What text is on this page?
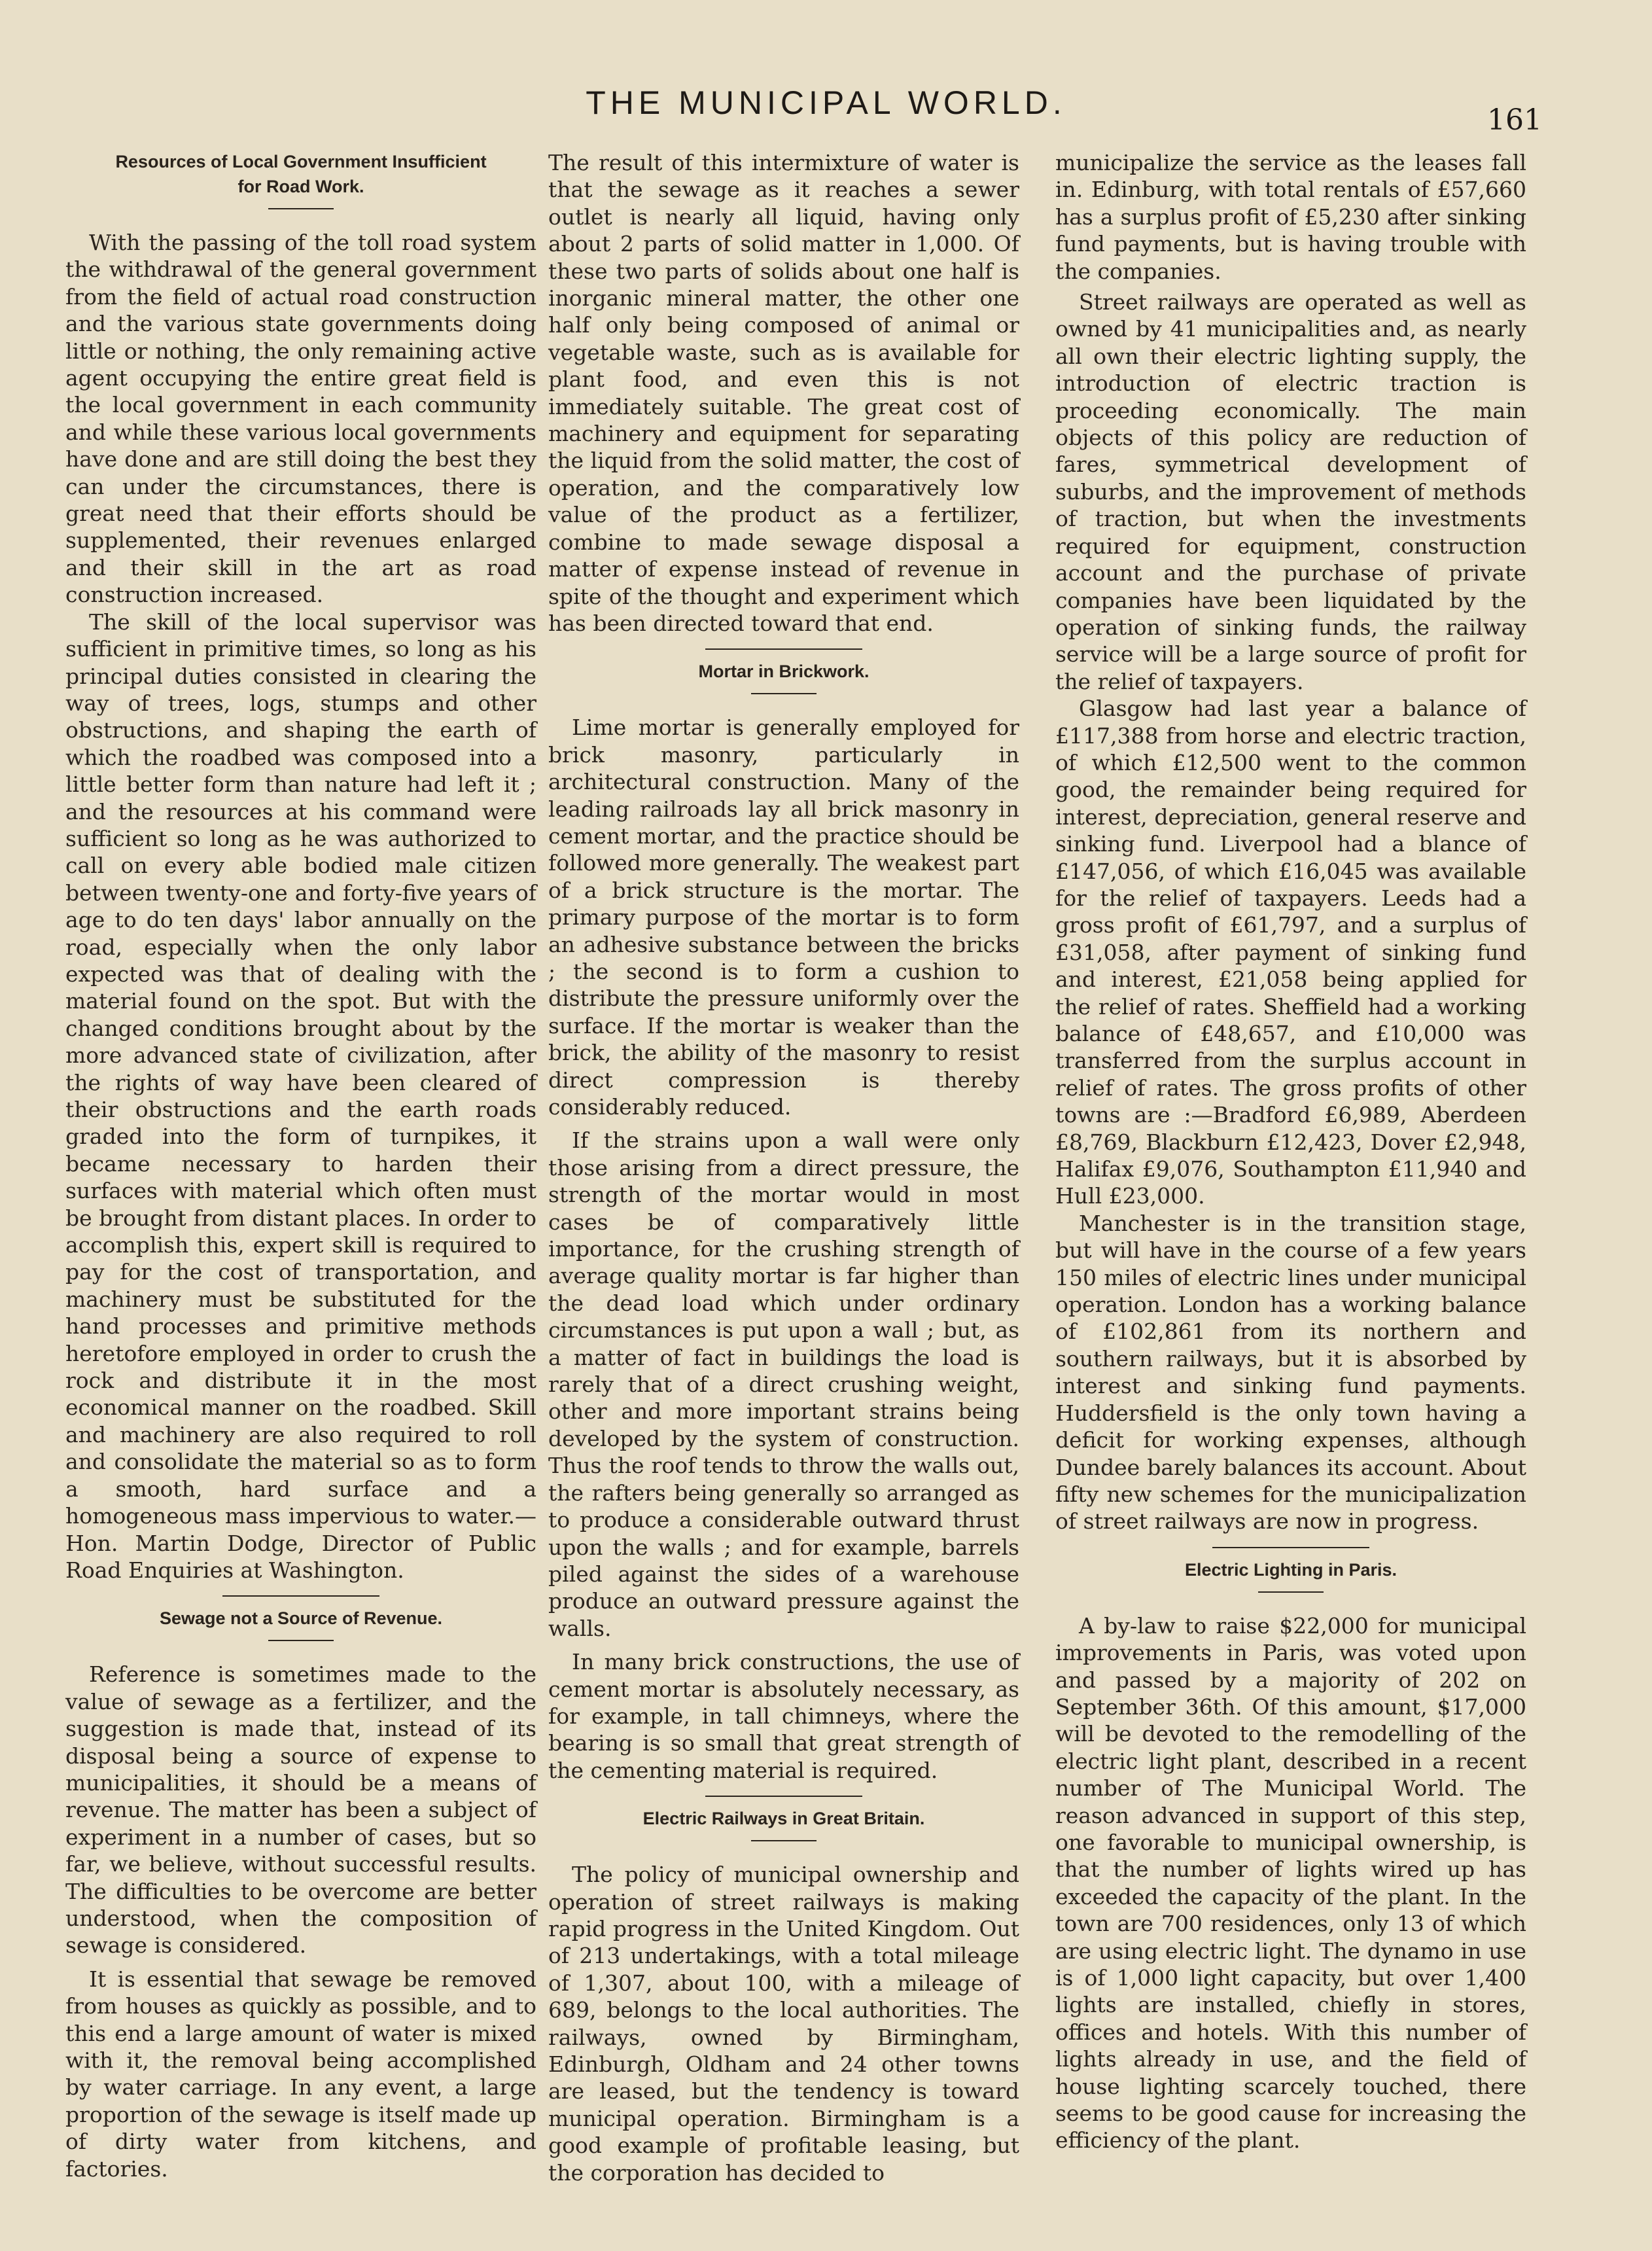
THE MUNICIPAL WORLD.	161
Resources of Local Government Insufficient
for Road Work.

With the passing of the toll road system the withdrawal of the general government from the field of actual road construction and the various state governments doing little or nothing, the only remaining active agent occupying the entire great field is the local government in each community and while these various local governments have done and are still doing the best they can under the circumstances, there is great need that their efforts should be supplemented, their revenues enlarged and their skill in the art as road construction increased.

The skill of the local supervisor was sufficient in primitive times, so long as his principal duties consisted in clearing the way of trees, logs, stumps and other obstructions, and shaping the earth of which the roadbed was composed into a little better form than nature had left it ; and the resources at his command were sufficient so long as he was authorized to call on every able bodied male citizen between twenty-one and forty-five years of age to do ten days' labor annually on the road, especially when the only labor expected was that of dealing with the material found on the spot. But with the changed conditions brought about by the more advanced state of civilization, after the rights of way have been cleared of their obstructions and the earth roads graded into the form of turnpikes, it became necessary to harden their surfaces with material which often must be brought from distant places. In order to accomplish this, expert skill is required to pay for the cost of transportation, and machinery must be substituted for the hand processes and primitive methods heretofore employed in order to crush the rock and distribute it in the most economical manner on the roadbed. Skill and machinery are also required to roll and consolidate the material so as to form a smooth, hard surface and a homogeneous mass impervious to water.—Hon. Martin Dodge, Director of Public Road Enquiries at Washington.

Sewage not a Source of Revenue.

Reference is sometimes made to the value of sewage as a fertilizer, and the suggestion is made that, instead of its disposal being a source of expense to municipalities, it should be a means of revenue. The matter has been a subject of experiment in a number of cases, but so far, we believe, without successful results. The difficulties to be overcome are better understood, when the composition of sewage is considered.

It is essential that sewage be removed from houses as quickly as possible, and to this end a large amount of water is mixed with it, the removal being accomplished by water carriage. In any event, a large proportion of the sewage is itself made up of dirty water from kitchens, and factories.

The result of this intermixture of water is that the sewage as it reaches a sewer outlet is nearly all liquid, having only about 2 parts of solid matter in 1,000. Of these two parts of solids about one half is inorganic mineral matter, the other one half only being composed of animal or vegetable waste, such as is available for plant food, and even this is not immediately suitable. The great cost of machinery and equipment for separating the liquid from the solid matter, the cost of operation, and the comparatively low value of the product as a fertilizer, combine to made sewage disposal a matter of expense instead of revenue in spite of the thought and experiment which has been directed toward that end.

Mortar in Brickwork.

Lime mortar is generally employed for brick masonry, particularly in architectural construction. Many of the leading railroads lay all brick masonry in cement mortar, and the practice should be followed more generally. The weakest part of a brick structure is the mortar. The primary purpose of the mortar is to form an adhesive substance between the bricks ; the second is to form a cushion to distribute the pressure uniformly over the surface. If the mortar is weaker than the brick, the ability of the masonry to resist direct compression is thereby considerably reduced.

If the strains upon a wall were only those arising from a direct pressure, the strength of the mortar would in most cases be of comparatively little importance, for the crushing strength of average quality mortar is far higher than the dead load which under ordinary circumstances is put upon a wall ; but, as a matter of fact in buildings the load is rarely that of a direct crushing weight, other and more important strains being developed by the system of construction. Thus the roof tends to throw the walls out, the rafters being generally so arranged as to produce a considerable outward thrust upon the walls ; and for example, barrels piled against the sides of a warehouse produce an outward pressure against the walls.

In many brick constructions, the use of cement mortar is absolutely necessary, as for example, in tall chimneys, where the bearing is so small that great strength of the cementing material is required.

Electric Railways in Great Britain.

The policy of municipal ownership and operation of street railways is making rapid progress in the United Kingdom. Out of 213 undertakings, with a total mileage of 1,307, about 100, with a mileage of 689, belongs to the local authorities. The railways, owned by Birmingham, Edinburgh, Oldham and 24 other towns are leased, but the tendency is toward municipal operation. Birmingham is a good example of profitable leasing, but the corporation has decided to

municipalize the service as the leases fall in. Edinburg, with total rentals of £57,660 has a surplus profit of £5,230 after sinking fund payments, but is having trouble with the companies.

Street railways are operated as well as owned by 41 municipalities and, as nearly all own their electric lighting supply, the introduction of electric traction is proceeding economically. The main objects of this policy are reduction of fares, symmetrical development of suburbs, and the improvement of methods of traction, but when the investments required for equipment, construction account and the purchase of private companies have been liquidated by the operation of sinking funds, the railway service will be a large source of profit for the relief of taxpayers.

Glasgow had last year a balance of £117,388 from horse and electric traction, of which £12,500 went to the common good, the remainder being required for interest, depreciation, general reserve and sinking fund. Liverpool had a blance of £147,056, of which £16,045 was available for the relief of taxpayers. Leeds had a gross profit of £61,797, and a surplus of £31,058, after payment of sinking fund and interest, £21,058 being applied for the relief of rates. Sheffield had a working balance of £48,657, and £10,000 was transferred from the surplus account in relief of rates. The gross profits of other towns are :—Bradford £6,989, Aberdeen £8,769, Blackburn £12,423, Dover £2,948, Halifax £9,076, Southampton £11,940 and Hull £23,000.

Manchester is in the transition stage, but will have in the course of a few years 150 miles of electric lines under municipal operation. London has a working balance of £102,861 from its northern and southern railways, but it is absorbed by interest and sinking fund payments. Huddersfield is the only town having a deficit for working expenses, although Dundee barely balances its account. About fifty new schemes for the municipalization of street railways are now in progress.

Electric Lighting in Paris.

A by-law to raise $22,000 for municipal improvements in Paris, was voted upon and passed by a majority of 202 on September 36th. Of this amount, $17,000 will be devoted to the remodelling of the electric light plant, described in a recent number of The Municipal World. The reason advanced in support of this step, one favorable to municipal ownership, is that the number of lights wired up has exceeded the capacity of the plant. In the town are 700 residences, only 13 of which are using electric light. The dynamo in use is of 1,000 light capacity, but over 1,400 lights are installed, chiefly in stores, offices and hotels. With this number of lights already in use, and the field of house lighting scarcely touched, there seems to be good cause for increasing the efficiency of the plant.
